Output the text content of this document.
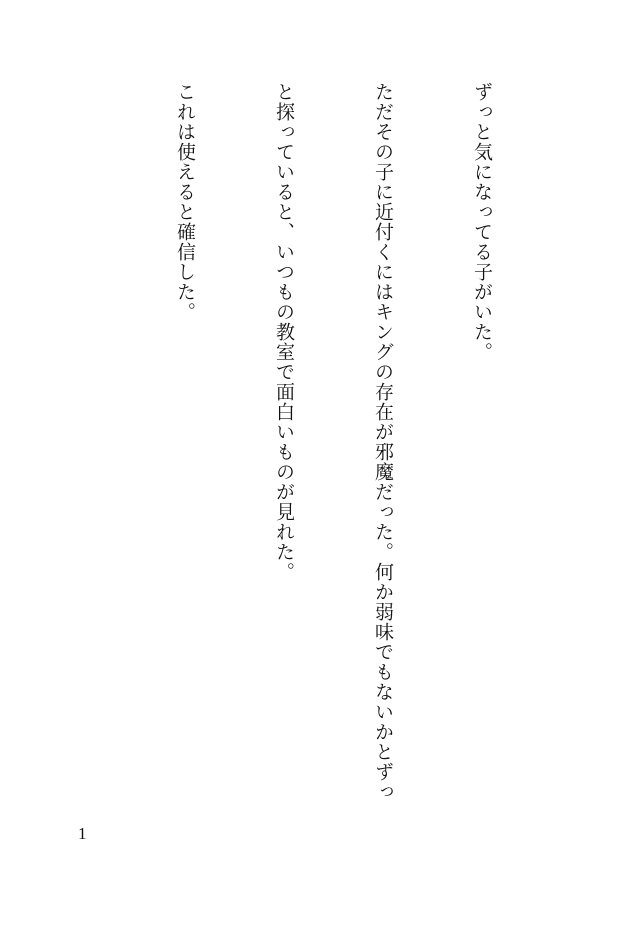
ずっと気になってる子がいた。

ただその子に近付くにはキングの存在が邪魔だった。何か弱味でもないかとずっ

と探っていると、いつもの教室で面白いものが見れた。

これは使えると確信した。

1
